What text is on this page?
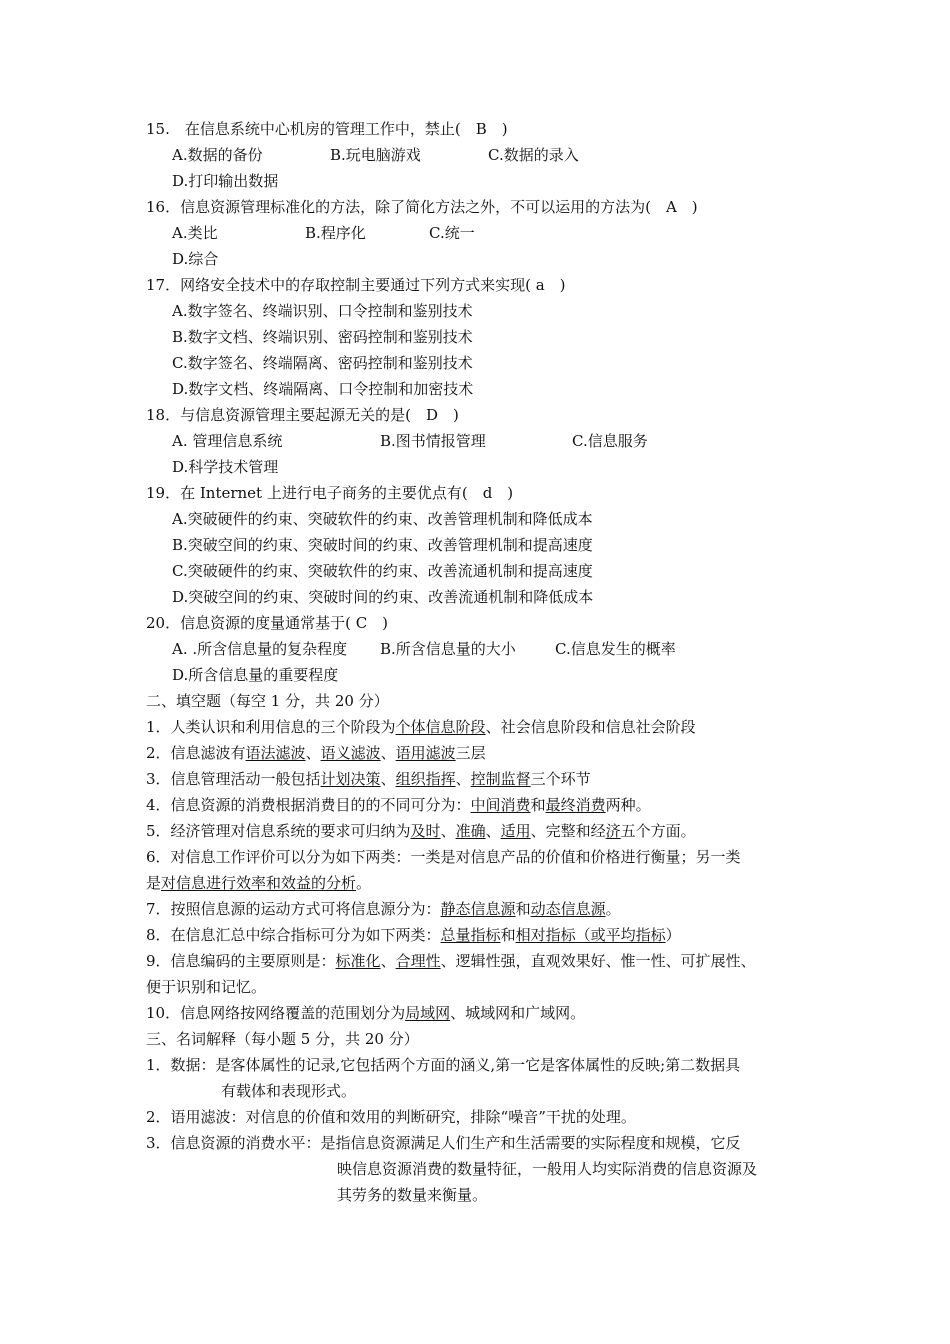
15.　在信息系统中心机房的管理工作中，禁止(　B　)
A.数据的备份	B.玩电脑游戏	C.数据的录入
D.打印输出数据
16．信息资源管理标准化的方法，除了简化方法之外，不可以运用的方法为(　A　)
A.类比	B.程序化	C.统一
D.综合
17．网络安全技术中的存取控制主要通过下列方式来实现( a　)
A.数字签名、终端识别、口令控制和鉴别技术
B.数字文档、终端识别、密码控制和鉴别技术
C.数字签名、终端隔离、密码控制和鉴别技术
D.数字文档、终端隔离、口令控制和加密技术
18．与信息资源管理主要起源无关的是(　D　)
A. 管理信息系统	B.图书情报管理	C.信息服务
D.科学技术管理
19．在 Internet 上进行电子商务的主要优点有(　d　)
A.突破硬件的约束、突破软件的约束、改善管理机制和降低成本
B.突破空间的约束、突破时间的约束、改善管理机制和提高速度
C.突破硬件的约束、突破软件的约束、改善流通机制和提高速度
D.突破空间的约束、突破时间的约束、改善流通机制和降低成本
20．信息资源的度量通常基于( C　)
A. .所含信息量的复杂程度 B.所含信息量的大小	C.信息发生的概率
D.所含信息量的重要程度
二、填空题（每空 1 分，共 20 分）
1．人类认识和利用信息的三个阶段为个体信息阶段、社会信息阶段和信息社会阶段
2．信息滤波有语法滤波、语义滤波、语用滤波三层
3．信息管理活动一般包括计划决策、组织指挥、控制监督三个环节
4．信息资源的消费根据消费目的的不同可分为：中间消费和最终消费两种。
5．经济管理对信息系统的要求可归纳为及时、准确、适用、完整和经济五个方面。
6．对信息工作评价可以分为如下两类：一类是对信息产品的价值和价格进行衡量；另一类
是对信息进行效率和效益的分析。
7．按照信息源的运动方式可将信息源分为：静态信息源和动态信息源。
8．在信息汇总中综合指标可分为如下两类：总量指标和相对指标（或平均指标）
9．信息编码的主要原则是：标准化、合理性、逻辑性强，直观效果好、惟一性、可扩展性、
便于识别和记忆。
10．信息网络按网络覆盖的范围划分为局域网、城域网和广域网。
三、名词解释（每小题 5 分，共 20 分）
1．数据：是客体属性的记录,它包括两个方面的涵义,第一它是客体属性的反映;第二数据具
有载体和表现形式。
2．语用滤波：对信息的价值和效用的判断研究，排除“噪音”干扰的处理。
3．信息资源的消费水平：是指信息资源满足人们生产和生活需要的实际程度和规模，它反
映信息资源消费的数量特征，一般用人均实际消费的信息资源及
其劳务的数量来衡量。
